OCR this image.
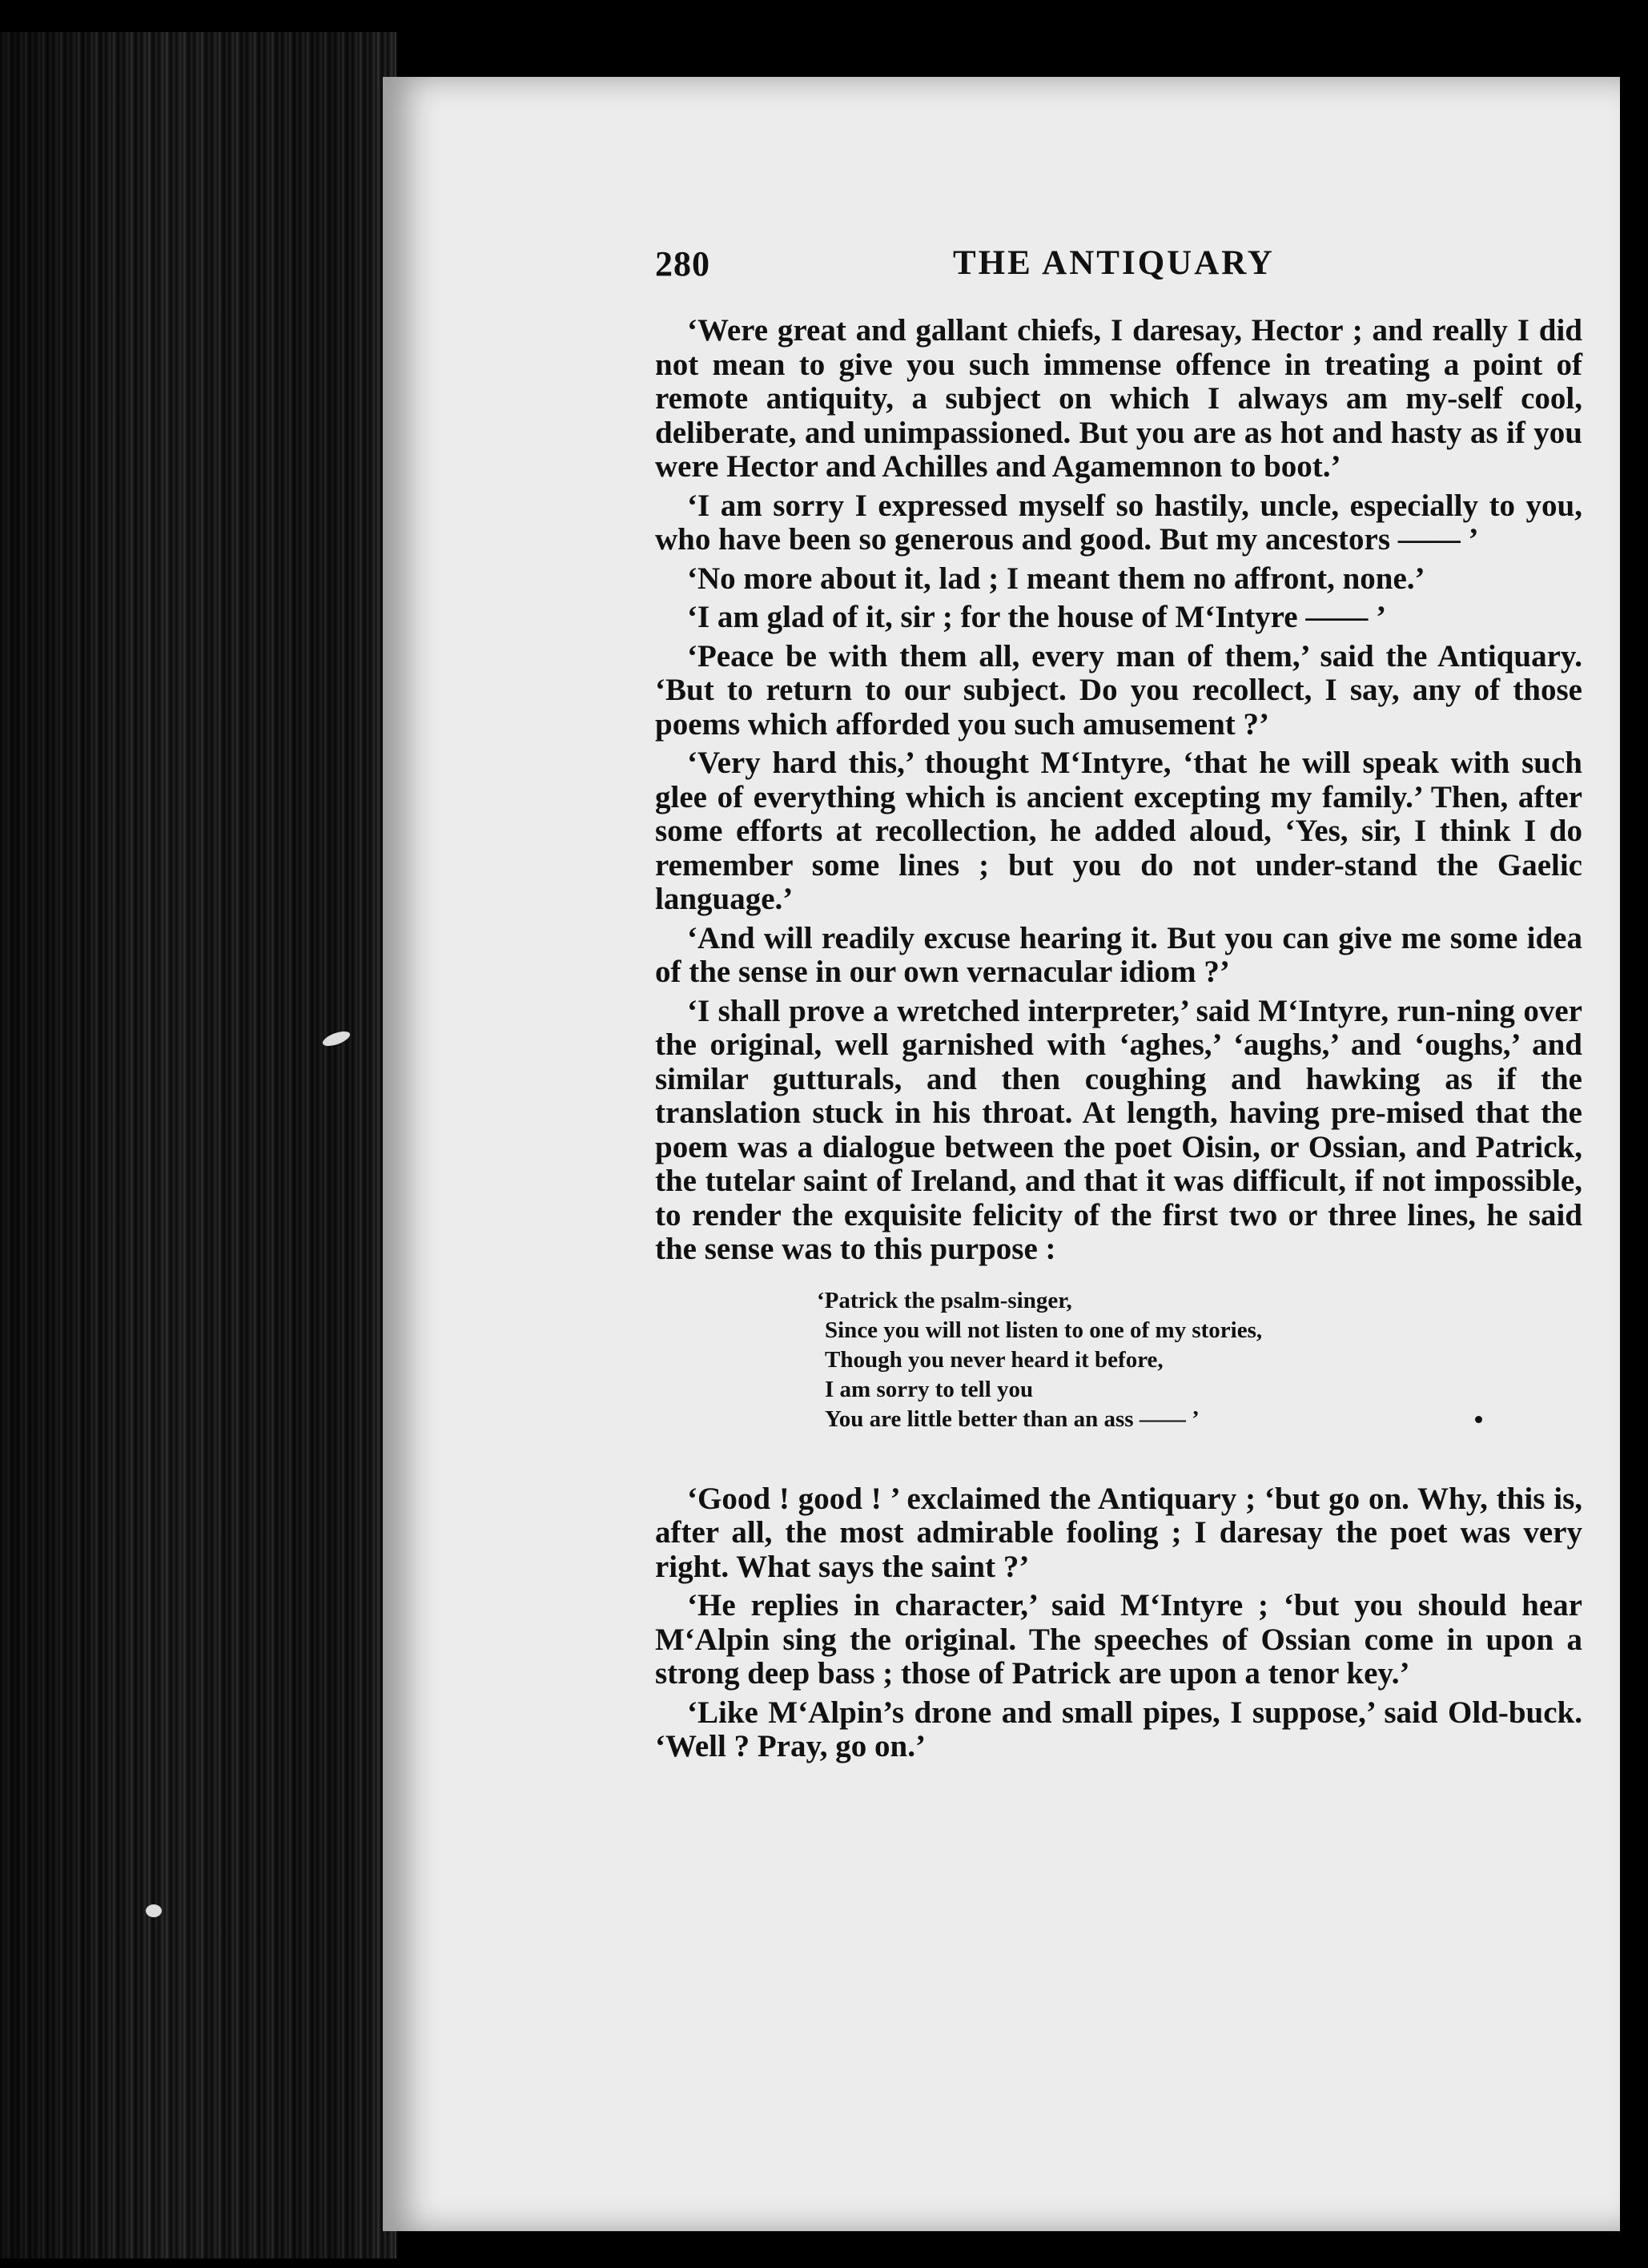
280	THE ANTIQUARY

‘Were great and gallant chiefs, I daresay, Hector ; and really I did not mean to give you such immense offence in treating a point of remote antiquity, a subject on which I always am my-self cool, deliberate, and unimpassioned. But you are as hot and hasty as if you were Hector and Achilles and Agamemnon to boot.’

‘I am sorry I expressed myself so hastily, uncle, especially to you, who have been so generous and good. But my ancestors —— ’

‘No more about it, lad ; I meant them no affront, none.’

‘I am glad of it, sir ; for the house of M‘Intyre —— ’

‘Peace be with them all, every man of them,’ said the Antiquary. ‘But to return to our subject. Do you recollect, I say, any of those poems which afforded you such amusement ?’

‘Very hard this,’ thought M‘Intyre, ‘that he will speak with such glee of everything which is ancient excepting my family.’ Then, after some efforts at recollection, he added aloud, ‘Yes, sir, I think I do remember some lines ; but you do not under-stand the Gaelic language.’

‘And will readily excuse hearing it. But you can give me some idea of the sense in our own vernacular idiom ?’

‘I shall prove a wretched interpreter,’ said M‘Intyre, run-ning over the original, well garnished with ‘aghes,’ ‘aughs,’ and ‘oughs,’ and similar gutturals, and then coughing and hawking as if the translation stuck in his throat. At length, having pre-mised that the poem was a dialogue between the poet Oisin, or Ossian, and Patrick, the tutelar saint of Ireland, and that it was difficult, if not impossible, to render the exquisite felicity of the first two or three lines, he said the sense was to this purpose :

‘Patrick the psalm-singer,
Since you will not listen to one of my stories,
Though you never heard it before,
I am sorry to tell you
You are little better than an ass —— ’

‘Good ! good ! ’ exclaimed the Antiquary ; ‘but go on. Why, this is, after all, the most admirable fooling ; I daresay the poet was very right. What says the saint ?’

‘He replies in character,’ said M‘Intyre ; ‘but you should hear M‘Alpin sing the original. The speeches of Ossian come in upon a strong deep bass ; those of Patrick are upon a tenor key.’

‘Like M‘Alpin’s drone and small pipes, I suppose,’ said Old-buck. ‘Well ? Pray, go on.’
